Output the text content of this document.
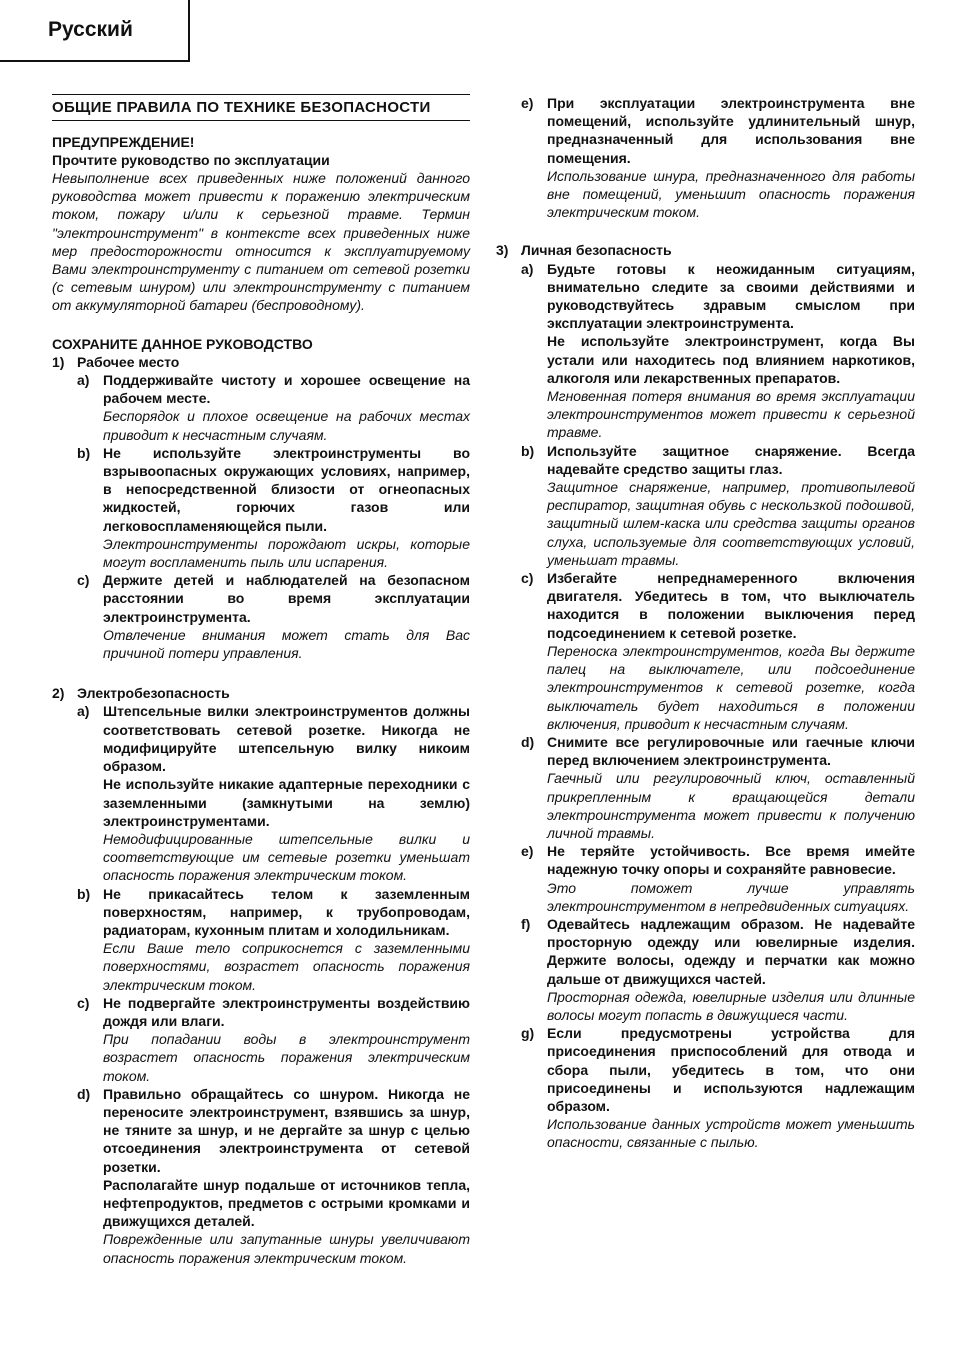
Русский
ОБЩИЕ ПРАВИЛА ПО ТЕХНИКЕ БЕЗОПАСНОСТИ
ПРЕДУПРЕЖДЕНИЕ!
Прочтите руководство по эксплуатации
Невыполнение всех приведенных ниже положений данного руководства может привести к поражению электрическим током, пожару и/или к серьезной травме. Термин "электроинструмент" в контексте всех приведенных ниже мер предосторожности относится к эксплуатируемому Вами электроинструменту с питанием от сетевой розетки (с сетевым шнуром) или электроинструменту с питанием от аккумуляторной батареи (беспроводному).
СОХРАНИТЕ ДАННОЕ РУКОВОДСТВО
1) Рабочее место
a) Поддерживайте чистоту и хорошее освещение на рабочем месте.
Беспорядок и плохое освещение на рабочих местах приводит к несчастным случаям.
b) Не используйте электроинструменты во взрывоопасных окружающих условиях, например, в непосредственной близости от огнеопасных жидкостей, горючих газов или легковоспламеняющейся пыли.
Электроинструменты порождают искры, которые могут воспламенить пыль или испарения.
c) Держите детей и наблюдателей на безопасном расстоянии во время эксплуатации электроинструмента.
Отвлечение внимания может стать для Вас причиной потери управления.
2) Электробезопасность
a) Штепсельные вилки электроинструментов должны соответствовать сетевой розетке. Никогда не модифицируйте штепсельную вилку никоим образом.
Не используйте никакие адаптерные переходники с заземленными (замкнутыми на землю) электроинструментами.
Немодифицированные штепсельные вилки и соответствующие им сетевые розетки уменьшат опасность поражения электрическим током.
b) Не прикасайтесь телом к заземленным поверхностям, например, к трубопроводам, радиаторам, кухонным плитам и холодильникам.
Если Ваше тело соприкоснется с заземленными поверхностями, возрастет опасность поражения электрическим током.
c) Не подвергайте электроинструменты воздействию дождя или влаги.
При попадании воды в электроинструмент возрастет опасность поражения электрическим током.
d) Правильно обращайтесь со шнуром. Никогда не переносите электроинструмент, взявшись за шнур, не тяните за шнур, и не дергайте за шнур с целью отсоединения электроинструмента от сетевой розетки.
Располагайте шнур подальше от источников тепла, нефтепродуктов, предметов с острыми кромками и движущихся деталей.
Поврежденные или запутанные шнуры увеличивают опасность поражения электрическим током.
e) При эксплуатации электроинструмента вне помещений, используйте удлинительный шнур, предназначенный для использования вне помещения.
Использование шнура, предназначенного для работы вне помещений, уменьшит опасность поражения электрическим током.
3) Личная безопасность
a) Будьте готовы к неожиданным ситуациям, внимательно следите за своими действиями и руководствуйтесь здравым смыслом при эксплуатации электроинструмента.
Не используйте электроинструмент, когда Вы устали или находитесь под влиянием наркотиков, алкоголя или лекарственных препаратов.
Мгновенная потеря внимания во время эксплуатации электроинструментов может привести к серьезной травме.
b) Используйте защитное снаряжение. Всегда надевайте средство защиты глаз.
Защитное снаряжение, например, противопылевой респиратор, защитная обувь с нескользкой подошвой, защитный шлем-каска или средства защиты органов слуха, используемые для соответствующих условий, уменьшат травмы.
c) Избегайте непреднамеренного включения двигателя. Убедитесь в том, что выключатель находится в положении выключения перед подсоединением к сетевой розетке.
Переноска электроинструментов, когда Вы держите палец на выключателе, или подсоединение электроинструментов к сетевой розетке, когда выключатель будет находиться в положении включения, приводит к несчастным случаям.
d) Снимите все регулировочные или гаечные ключи перед включением электроинструмента.
Гаечный или регулировочный ключ, оставленный прикрепленным к вращающейся детали электроинструмента может привести к получению личной травмы.
e) Не теряйте устойчивость. Все время имейте надежную точку опоры и сохраняйте равновесие.
Это поможет лучше управлять электроинструментом в непредвиденных ситуациях.
f) Одевайтесь надлежащим образом. Не надевайте просторную одежду или ювелирные изделия. Держите волосы, одежду и перчатки как можно дальше от движущихся частей.
Просторная одежда, ювелирные изделия или длинные волосы могут попасть в движущиеся части.
g) Если предусмотрены устройства для присоединения приспособлений для отвода и сбора пыли, убедитесь в том, что они присоединены и используются надлежащим образом.
Использование данных устройств может уменьшить опасности, связанные с пылью.
